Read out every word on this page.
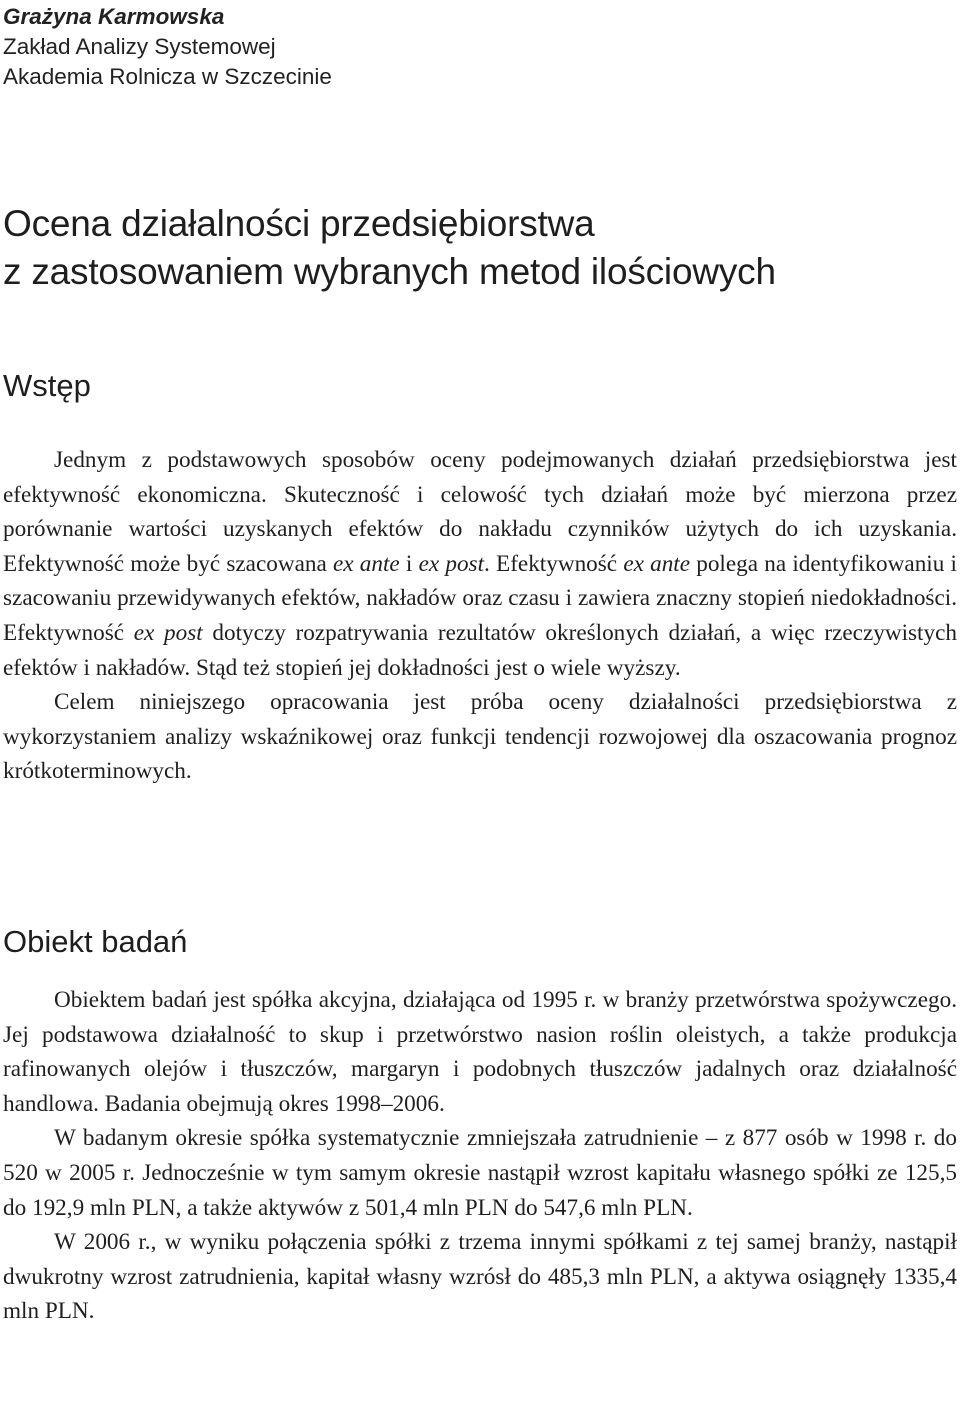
Grażyna Karmowska
Zakład Analizy Systemowej
Akademia Rolnicza w Szczecinie
Ocena działalności przedsiębiorstwa
z zastosowaniem wybranych metod ilościowych
Wstęp

Jednym z podstawowych sposobów oceny podejmowanych działań przedsiębiorstwa jest efektywność ekonomiczna. Skuteczność i celowość tych działań może być mierzona przez porównanie wartości uzyskanych efektów do nakładu czynników użytych do ich uzyskania. Efektywność może być szacowana ex ante i ex post. Efektywność ex ante polega na identyfikowaniu i szacowaniu przewidywanych efektów, nakładów oraz czasu i zawiera znaczny stopień niedokładności. Efektywność ex post dotyczy rozpatrywania rezultatów określonych działań, a więc rzeczywistych efektów i nakładów. Stąd też stopień jej dokładności jest o wiele wyższy.

Celem niniejszego opracowania jest próba oceny działalności przedsiębiorstwa z wykorzystaniem analizy wskaźnikowej oraz funkcji tendencji rozwojowej dla oszacowania prognoz krótkoterminowych.

Obiekt badań

Obiektem badań jest spółka akcyjna, działająca od 1995 r. w branży przetwórstwa spożywczego. Jej podstawowa działalność to skup i przetwórstwo nasion roślin oleistych, a także produkcja rafinowanych olejów i tłuszczów, margaryn i podobnych tłuszczów jadalnych oraz działalność handlowa. Badania obejmują okres 1998–2006.

W badanym okresie spółka systematycznie zmniejszała zatrudnienie – z 877 osób w 1998 r. do 520 w 2005 r. Jednocześnie w tym samym okresie nastąpił wzrost kapitału własnego spółki ze 125,5 do 192,9 mln PLN, a także aktywów z 501,4 mln PLN do 547,6 mln PLN.

W 2006 r., w wyniku połączenia spółki z trzema innymi spółkami z tej samej branży, nastąpił dwukrotny wzrost zatrudnienia, kapitał własny wzrósł do 485,3 mln PLN, a aktywa osiągnęły 1335,4 mln PLN.
